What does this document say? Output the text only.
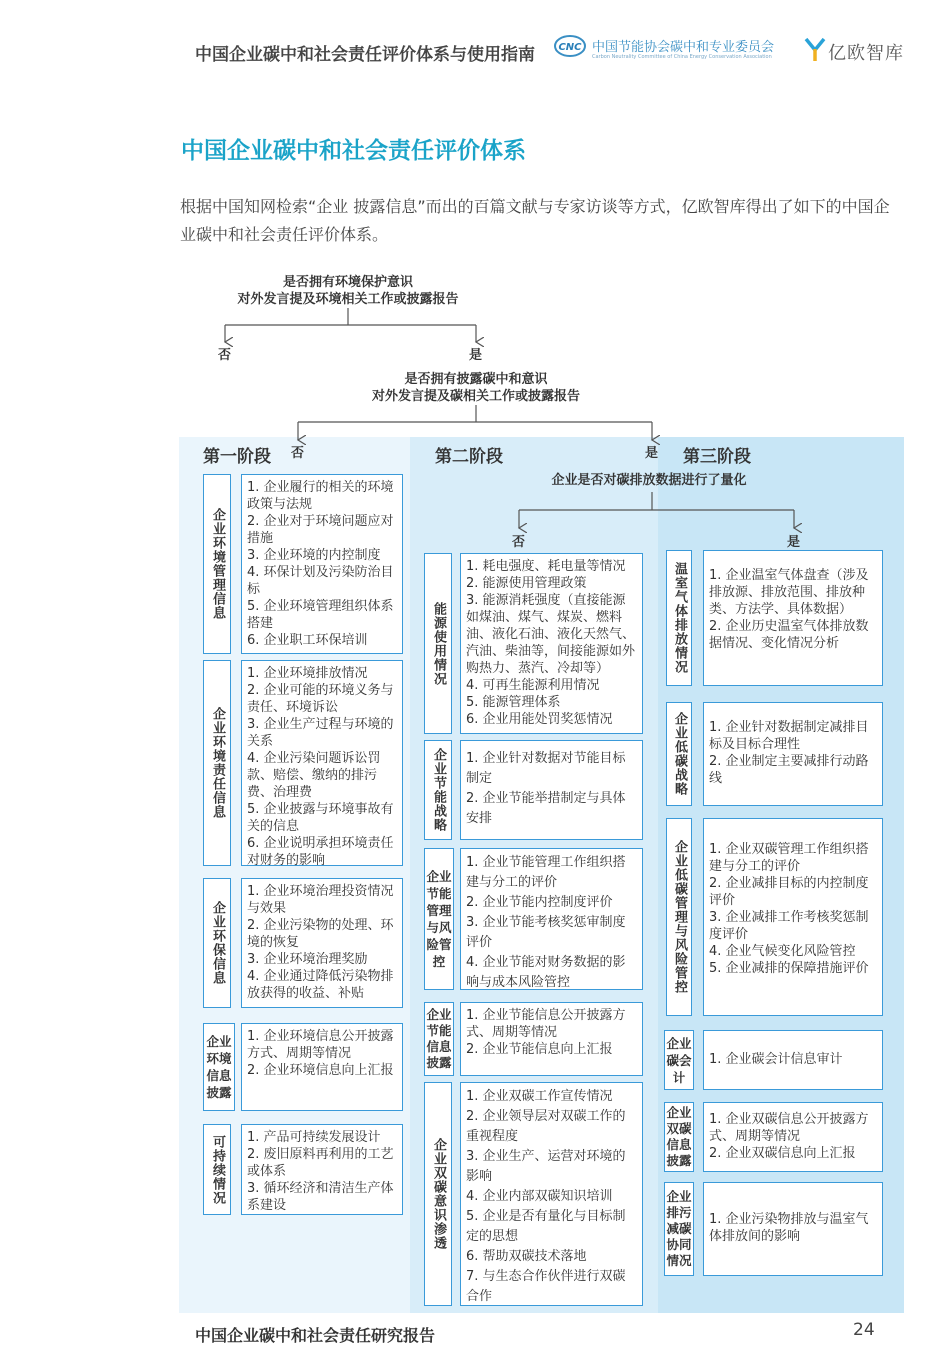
中国企业碳中和社会责任评价体系与使用指南 CNC 中国节能协会碳中和专业委员会
Carbon Neutrality Committee of China Energy Conservation Association	亿欧智库
中国企业碳中和社会责任评价体系
根据中国知网检索“企业 披露信息”而出的百篇文献与专家访谈等方式，亿欧智库得出了如下的中国企业碳中和社会责任评价体系。
是否拥有环境保护意识
对外发言提及环境相关工作或披露报告
否	是
是否拥有披露碳中和意识
对外发言提及碳相关工作或披露报告
否	是
企业是否对碳排放数据进行了量化
否	是
第一阶段	第二阶段	第三阶段
企业环境管理信息
1. 企业履行的相关的环境政策与法规
2. 企业对于环境问题应对措施
3. 企业环境的内控制度
4. 环保计划及污染防治目标
5. 企业环境管理组织体系搭建
6. 企业职工环保培训
企业环境责任信息
1. 企业环境排放情况
2. 企业可能的环境义务与责任、环境诉讼
3. 企业生产过程与环境的关系
4. 企业污染问题诉讼罚款、赔偿、缴纳的排污费、治理费
5. 企业披露与环境事故有关的信息
6. 企业说明承担环境责任对财务的影响
企业环保信息
1. 企业环境治理投资情况与效果
2. 企业污染物的处理、环境的恢复
3. 企业环境治理奖励
4. 企业通过降低污染物排放获得的收益、补贴
企业环境信息披露
1. 企业环境信息公开披露方式、周期等情况
2. 企业环境信息向上汇报
可持续情况	1. 产品可持续发展设计
2. 废旧原料再利用的工艺或体系
3. 循环经济和清洁生产体系建设
能源使用情况
1. 耗电强度、耗电量等情况
2. 能源使用管理政策
3. 能源消耗强度（直接能源如煤油、煤气、煤炭、燃料油、液化石油、液化天然气、汽油、柴油等，间接能源如外购热力、蒸汽、冷却等）
4. 可再生能源利用情况
5. 能源管理体系
6. 企业用能处罚奖惩情况
企业节能战略	1. 企业针对数据对节能目标制定
2. 企业节能举措制定与具体安排
企业节能管理与风险管控
1. 企业节能管理工作组织搭建与分工的评价
2. 企业节能内控制度评价
3. 企业节能考核奖惩审制度评价
4. 企业节能对财务数据的影响与成本风险管控
企业节能信息披露
1. 企业节能信息公开披露方式、周期等情况
2. 企业节能信息向上汇报
企业双碳意识渗透
1. 企业双碳工作宣传情况
2. 企业领导层对双碳工作的重视程度
3. 企业生产、运营对环境的影响
4. 企业内部双碳知识培训
5. 企业是否有量化与目标制定的思想
6. 帮助双碳技术落地
7. 与生态合作伙伴进行双碳合作
温室气体排放情况	1. 企业温室气体盘查（涉及排放源、排放范围、排放种类、方法学、具体数据）
2. 企业历史温室气体排放数据情况、变化情况分析
企业低碳战略	1. 企业针对数据制定减排目标及目标合理性
2. 企业制定主要减排行动路线
企业低碳管理与风险管控	1. 企业双碳管理工作组织搭建与分工的评价
2. 企业减排目标的内控制度评价
3. 企业减排工作考核奖惩制度评价
4. 企业气候变化风险管控
5. 企业减排的保障措施评价
企业碳会计
1. 企业碳会计信息审计
企业双碳信息披露
1. 企业双碳信息公开披露方式、周期等情况
2. 企业双碳信息向上汇报
企业排污减碳协同情况
1. 企业污染物排放与温室气体排放间的影响
中国企业碳中和社会责任研究报告	24
